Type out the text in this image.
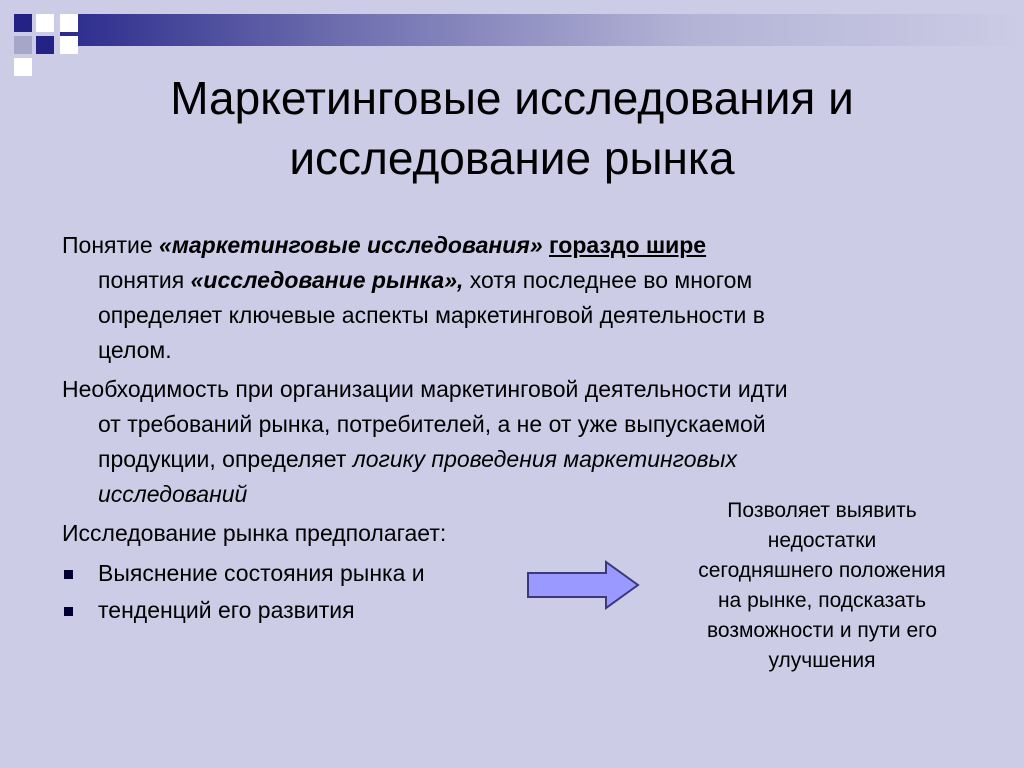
Маркетинговые исследования и
исследование рынка

Понятие «маркетинговые исследования» гораздо шире
понятия «исследование рынка», хотя последнее во многом
определяет ключевые аспекты маркетинговой деятельности в
целом.

Необходимость при организации маркетинговой деятельности идти
от требований рынка, потребителей, а не от уже выпускаемой
продукции, определяет логику проведения маркетинговых
исследований

Исследование рынка предполагает:

Выяснение состояния рынка и
тенденций его развития
Позволяет выявить
недостатки
сегодняшнего положения
на рынке, подсказать
возможности и пути его
улучшения
